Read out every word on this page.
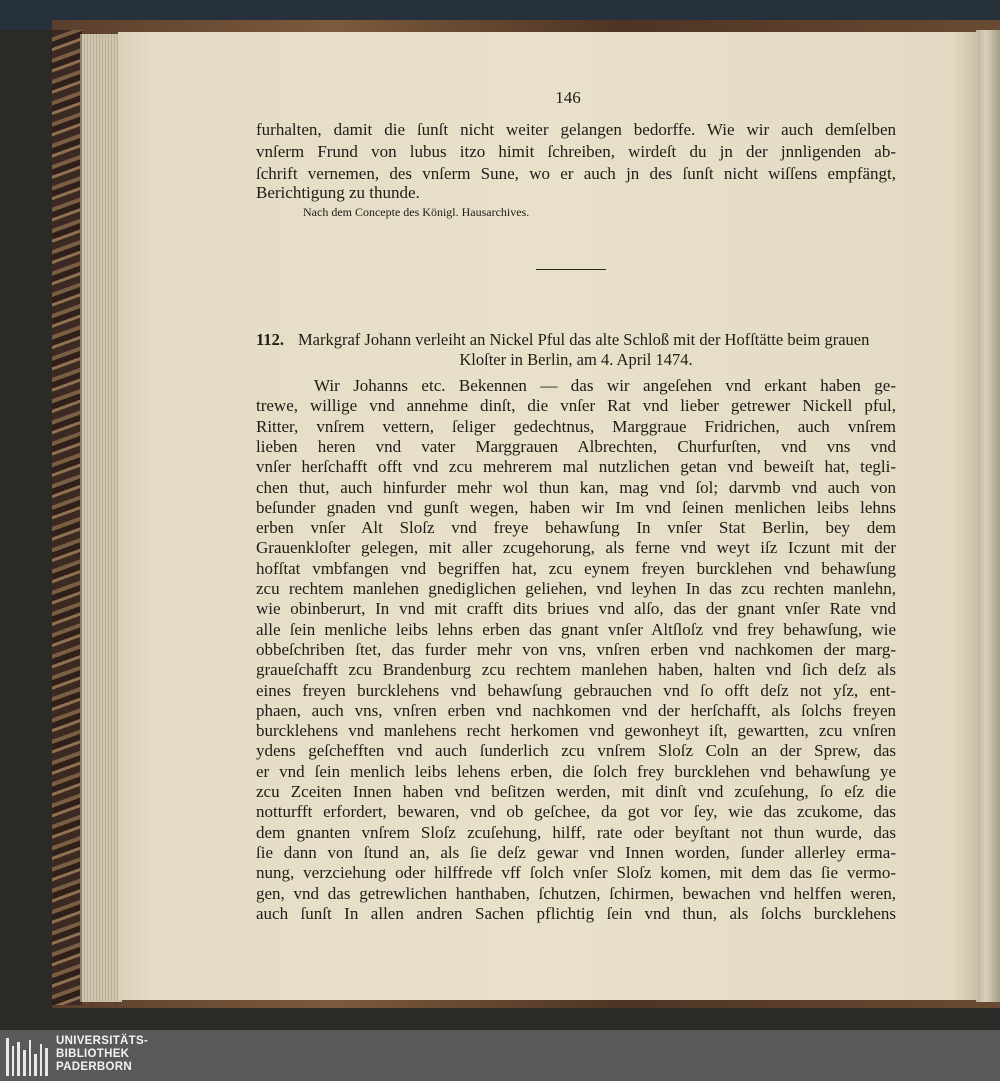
146
furhalten, damit die ſunſt nicht weiter gelangen bedorffe. Wie wir auch demſelben
vnſerm Frund von lubus itzo himit ſchreiben, wirdeſt du jn der jnnligenden ab-
ſchrift vernemen, des vnſerm Sune, wo er auch jn des ſunſt nicht wiſſens empfängt,
Berichtigung zu thunde.
Nach dem Concepte des Königl. Hausarchives.
112. Markgraf Johann verleiht an Nickel Pful das alte Schloß mit der Hofſtätte beim grauen
Kloſter in Berlin, am 4. April 1474.
Wir Johanns etc. Bekennen — das wir angeſehen vnd erkant haben ge-
trewe, willige vnd annehme dinſt, die vnſer Rat vnd lieber getrewer Nickell pful,
Ritter, vnſrem vettern, ſeliger gedechtnus, Marggraue Fridrichen, auch vnſrem
lieben heren vnd vater Marggrauen Albrechten, Churfurſten, vnd vns vnd
vnſer herſchafft offt vnd zcu mehrerem mal nutzlichen getan vnd beweiſt hat, tegli-
chen thut, auch hinfurder mehr wol thun kan, mag vnd ſol; darvmb vnd auch von
beſunder gnaden vnd gunſt wegen, haben wir Im vnd ſeinen menlichen leibs lehns
erben vnſer Alt Sloſz vnd freye behawſung In vnſer Stat Berlin, bey dem
Grauenkloſter gelegen, mit aller zcugehorung, als ferne vnd weyt iſz Iczunt mit der
hofſtat vmbfangen vnd begriffen hat, zcu eynem freyen burcklehen vnd behawſung
zcu rechtem manlehen gnediglichen geliehen, vnd leyhen In das zcu rechten manlehn,
wie obinberurt, In vnd mit crafft dits briues vnd alſo, das der gnant vnſer Rate vnd
alle ſein menliche leibs lehns erben das gnant vnſer Altſloſz vnd frey behawſung, wie
obbeſchriben ſtet, das furder mehr von vns, vnſren erben vnd nachkomen der marg-
graueſchafft zcu Brandenburg zcu rechtem manlehen haben, halten vnd ſich deſz als
eines freyen burcklehens vnd behawſung gebrauchen vnd ſo offt deſz not yſz, ent-
phaen, auch vns, vnſren erben vnd nachkomen vnd der herſchafft, als ſolchs freyen
burcklehens vnd manlehens recht herkomen vnd gewonheyt iſt, gewartten, zcu vnſren
ydens geſchefften vnd auch ſunderlich zcu vnſrem Sloſz Coln an der Sprew, das
er vnd ſein menlich leibs lehens erben, die ſolch frey burcklehen vnd behawſung ye
zcu Zceiten Innen haben vnd beſitzen werden, mit dinſt vnd zcuſehung, ſo eſz die
notturfft erfordert, bewaren, vnd ob geſchee, da got vor ſey, wie das zcukome, das
dem gnanten vnſrem Sloſz zcuſehung, hilff, rate oder beyſtant not thun wurde, das
ſie dann von ſtund an, als ſie deſz gewar vnd Innen worden, ſunder allerley erma-
nung, verzciehung oder hilffrede vff ſolch vnſer Sloſz komen, mit dem das ſie vermo-
gen, vnd das getrewlichen hanthaben, ſchutzen, ſchirmen, bewachen vnd helffen weren,
auch ſunſt In allen andren Sachen pflichtig ſein vnd thun, als ſolchs burcklehens
UNIVERSITÄTS-
BIBLIOTHEK
PADERBORN
